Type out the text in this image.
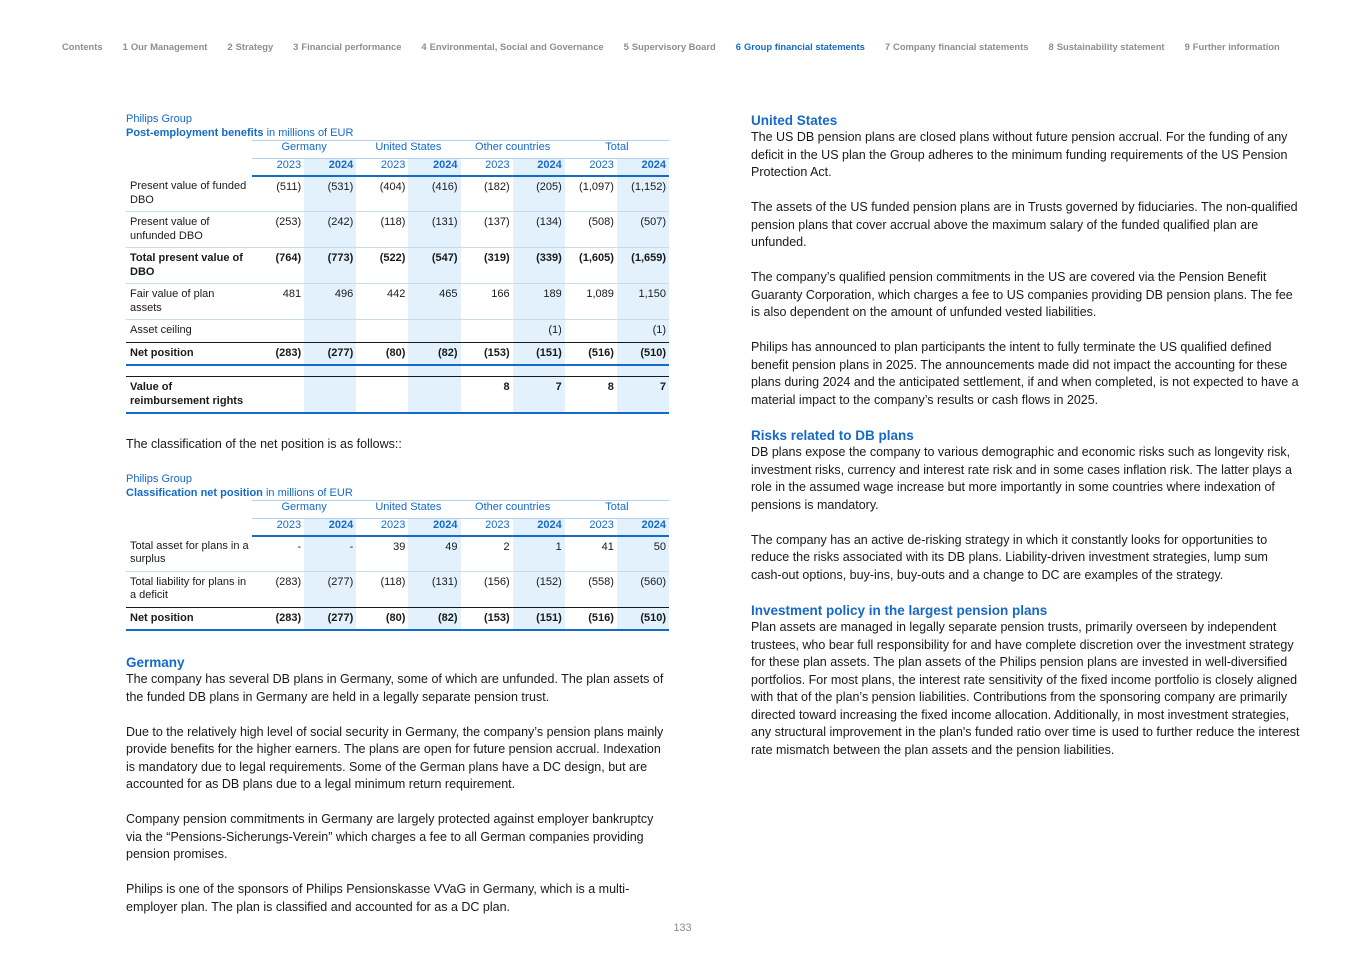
Contents 1 Our Management 2 Strategy 3 Financial performance 4 Environmental, Social and Governance 5 Supervisory Board 6 Group financial statements 7 Company financial statements 8 Sustainability statement 9 Further information
Philips Group
Post-employment benefits in millions of EUR
	Germany		United States		Other countries		Total	
	2023	2024	2023	2024	2023	2024	2023	2024
Present value of funded DBO	(511)	(531)	(404)	(416)	(182)	(205)	(1,097)	(1,152)
Present value of unfunded DBO	(253)	(242)	(118)	(131)	(137)	(134)	(508)	(507)
Total present value of DBO	(764)	(773)	(522)	(547)	(319)	(339)	(1,605)	(1,659)
Fair value of plan assets	481	496	442	465	166	189	1,089	1,150
Asset ceiling						(1)		(1)
Net position	(283)	(277)	(80)	(82)	(153)	(151)	(516)	(510)

Value of reimbursement rights					8	7	8	7

The classification of the net position is as follows::

Philips Group
Classification net position in millions of EUR
	Germany		United States		Other countries		Total	
	2023	2024	2023	2024	2023	2024	2023	2024
Total asset for plans in a surplus	-	-	39	49	2	1	41	50
Total liability for plans in a deficit	(283)	(277)	(118)	(131)	(156)	(152)	(558)	(560)
Net position	(283)	(277)	(80)	(82)	(153)	(151)	(516)	(510)
Germany

The company has several DB plans in Germany, some of which are unfunded. The plan assets of the funded DB plans in Germany are held in a legally separate pension trust.

Due to the relatively high level of social security in Germany, the company’s pension plans mainly provide benefits for the higher earners. The plans are open for future pension accrual. Indexation is mandatory due to legal requirements. Some of the German plans have a DC design, but are accounted for as DB plans due to a legal minimum return requirement.

Company pension commitments in Germany are largely protected against employer bankruptcy via the “Pensions-Sicherungs-Verein” which charges a fee to all German companies providing pension promises.

Philips is one of the sponsors of Philips Pensionskasse VVaG in Germany, which is a multi-employer plan. The plan is classified and accounted for as a DC plan.

United States

The US DB pension plans are closed plans without future pension accrual. For the funding of any deficit in the US plan the Group adheres to the minimum funding requirements of the US Pension Protection Act.

The assets of the US funded pension plans are in Trusts governed by fiduciaries. The non-qualified pension plans that cover accrual above the maximum salary of the funded qualified plan are unfunded.

The company’s qualified pension commitments in the US are covered via the Pension Benefit Guaranty Corporation, which charges a fee to US companies providing DB pension plans. The fee is also dependent on the amount of unfunded vested liabilities.

Philips has announced to plan participants the intent to fully terminate the US qualified defined benefit pension plans in 2025. The announcements made did not impact the accounting for these plans during 2024 and the anticipated settlement, if and when completed, is not expected to have a material impact to the company’s results or cash flows in 2025.

Risks related to DB plans

DB plans expose the company to various demographic and economic risks such as longevity risk, investment risks, currency and interest rate risk and in some cases inflation risk. The latter plays a role in the assumed wage increase but more importantly in some countries where indexation of pensions is mandatory.

The company has an active de-risking strategy in which it constantly looks for opportunities to reduce the risks associated with its DB plans. Liability-driven investment strategies, lump sum cash-out options, buy-ins, buy-outs and a change to DC are examples of the strategy.

Investment policy in the largest pension plans

Plan assets are managed in legally separate pension trusts, primarily overseen by independent trustees, who bear full responsibility for and have complete discretion over the investment strategy for these plan assets. The plan assets of the Philips pension plans are invested in well-diversified portfolios. For most plans, the interest rate sensitivity of the fixed income portfolio is closely aligned with that of the plan’s pension liabilities. Contributions from the sponsoring company are primarily directed toward increasing the fixed income allocation. Additionally, in most investment strategies, any structural improvement in the plan's funded ratio over time is used to further reduce the interest rate mismatch between the plan assets and the pension liabilities.

133
